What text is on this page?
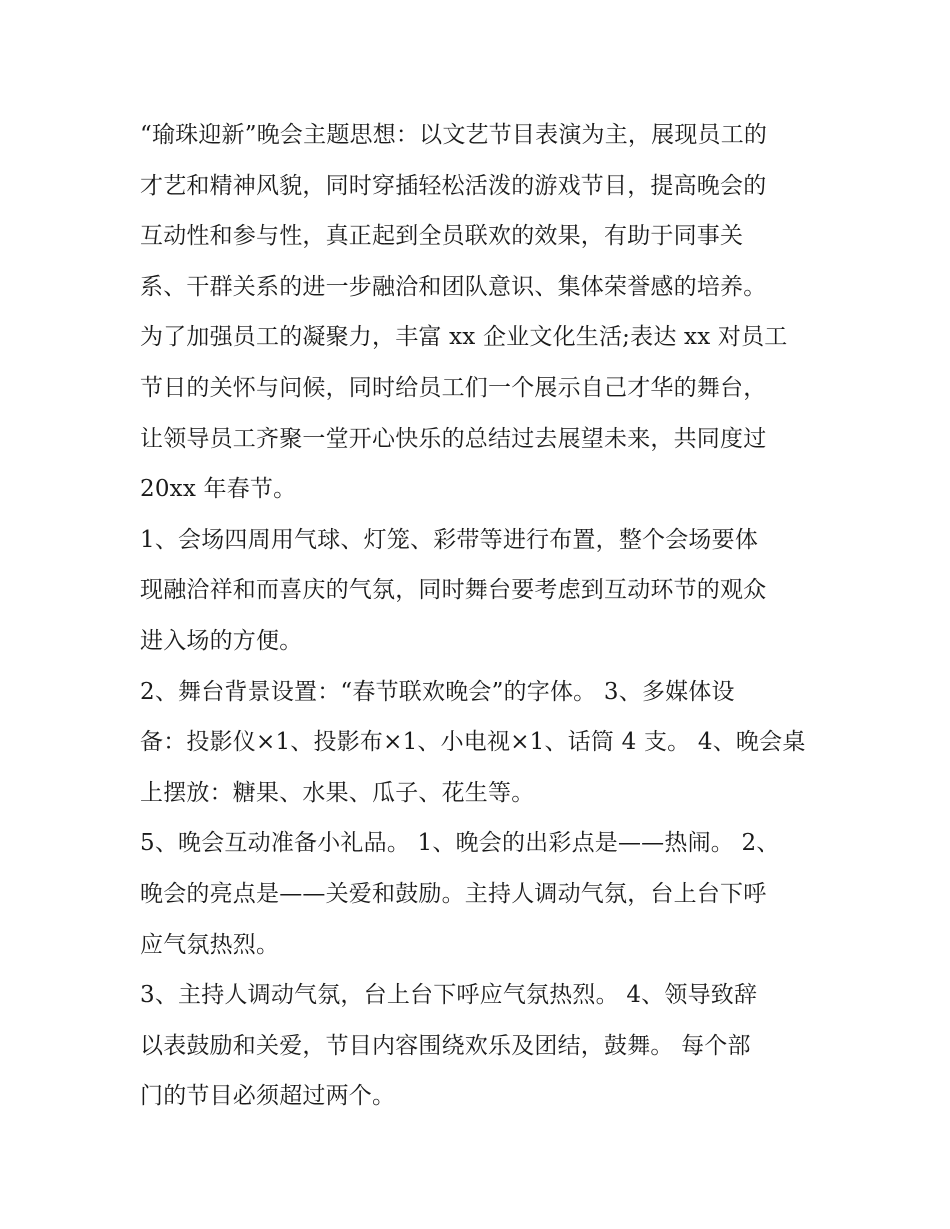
“瑜珠迎新”晚会主题思想：以文艺节目表演为主，展现员工的
才艺和精神风貌，同时穿插轻松活泼的游戏节目，提高晚会的
互动性和参与性，真正起到全员联欢的效果，有助于同事关
系、干群关系的进一步融洽和团队意识、集体荣誉感的培养。
为了加强员工的凝聚力，丰富 xx 企业文化生活;表达 xx 对员工
节日的关怀与问候，同时给员工们一个展示自己才华的舞台，
让领导员工齐聚一堂开心快乐的总结过去展望未来，共同度过
20xx 年春节。
1、会场四周用气球、灯笼、彩带等进行布置，整个会场要体
现融洽祥和而喜庆的气氛，同时舞台要考虑到互动环节的观众
进入场的方便。
2、舞台背景设置：“春节联欢晚会”的字体。 3、多媒体设
备：投影仪×1、投影布×1、小电视×1、话筒 4 支。 4、晚会桌
上摆放：糖果、水果、瓜子、花生等。
5、晚会互动准备小礼品。 1、晚会的出彩点是——热闹。 2、
晚会的亮点是——关爱和鼓励。主持人调动气氛，台上台下呼
应气氛热烈。
3、主持人调动气氛，台上台下呼应气氛热烈。 4、领导致辞
以表鼓励和关爱，节目内容围绕欢乐及团结，鼓舞。 每个部
门的节目必须超过两个。
